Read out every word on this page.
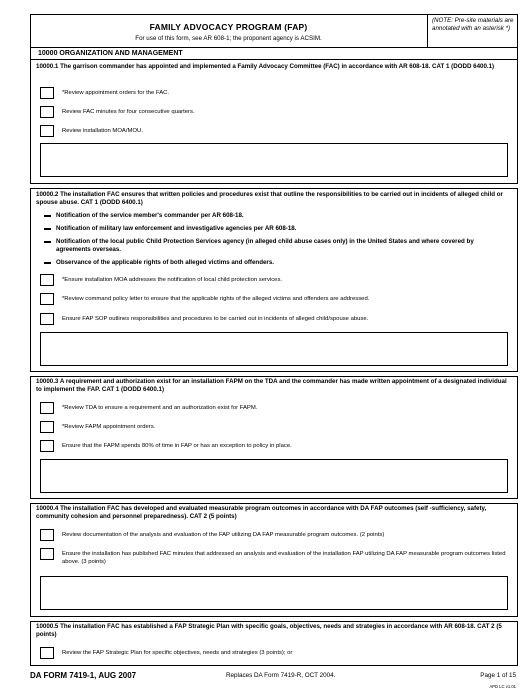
FAMILY ADVOCACY PROGRAM (FAP)
For use of this form, see AR 608-1; the proponent agency is ACSIM.
(NOTE: Pre-site materials are annotated with an asterisk *)
10000 ORGANIZATION AND MANAGEMENT
10000.1 The garrison commander has appointed and implemented a Family Advocacy Committee (FAC) in accordance with AR 608-18. CAT 1 (DODD 6400.1)
*Review appointment orders for the FAC.
Review FAC minutes for four consecutive quarters.
Review installation MOA/MOU.
10000.2 The installation FAC ensures that written policies and procedures exist that outline the responsibilities to be carried out in incidents of alleged child or spouse abuse. CAT 1 (DODD 6400.1)
Notification of the service member's commander per AR 608-18.
Notification of military law enforcement and investigative agencies per AR 608-18.
Notification of the local public Child Protection Services agency (in alleged child abuse cases only) in the United States and where covered by agreements overseas.
Observance of the applicable rights of both alleged victims and offenders.
*Ensure installation MOA addresses the notification of local child protection services.
*Review command policy letter to ensure that the applicable rights of the alleged victims and offenders are addressed.
Ensure FAP SOP outlines responsibilities and procedures to be carried out in incidents of alleged child/spouse abuse.
10000.3 A requirement and authorization exist for an installation FAPM on the TDA and the commander has made written appointment of a designated individual to implement the FAP. CAT 1 (DODD 6400.1)
*Review TDA to ensure a requirement and an authorization exist for FAPM.
*Review FAPM appointment orders.
Ensure that the FAPM spends 80% of time in FAP or has an exception to policy in place.
10000.4 The installation FAC has developed and evaluated measurable program outcomes in accordance with DA FAP outcomes (self -sufficiency, safety, community cohesion and personnel preparedness). CAT 2 (5 points)
Review documentation of the analysis and evaluation of the FAP utilizing DA FAP measurable program outcomes. (2 points)
Ensure the installation has published FAC minutes that addressed an analysis and evaluation of the installation FAP utilizing DA FAP measurable program outcomes listed above. (3 points)
10000.5 The installation FAC has established a FAP Strategic Plan with specific goals, objectives, needs and strategies in accordance with AR 608-18. CAT 2 (5 points)
Review the FAP Strategic Plan for specific objectives, needs and strategies (3 points); or
DA FORM 7419-1, AUG 2007	Replaces DA Form 7419-R, OCT 2004.	Page 1 of 15
APD LC v1.01
